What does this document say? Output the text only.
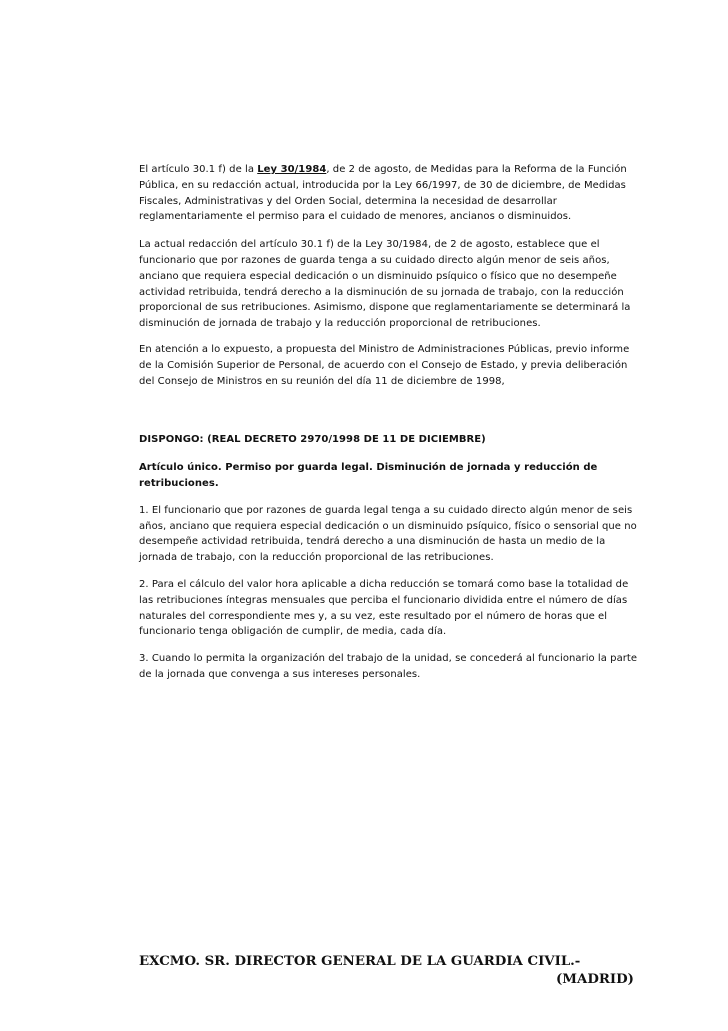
El artículo 30.1 f) de la Ley 30/1984, de 2 de agosto, de Medidas para la Reforma de la Función Pública, en su redacción actual, introducida por la Ley 66/1997, de 30 de diciembre, de Medidas Fiscales, Administrativas y del Orden Social, determina la necesidad de desarrollar reglamentariamente el permiso para el cuidado de menores, ancianos o disminuidos.

La actual redacción del artículo 30.1 f) de la Ley 30/1984, de 2 de agosto, establece que el funcionario que por razones de guarda tenga a su cuidado directo algún menor de seis años, anciano que requiera especial dedicación o un disminuido psíquico o físico que no desempeñe actividad retribuida, tendrá derecho a la disminución de su jornada de trabajo, con la reducción proporcional de sus retribuciones. Asimismo, dispone que reglamentariamente se determinará la disminución de jornada de trabajo y la reducción proporcional de retribuciones.

En atención a lo expuesto, a propuesta del Ministro de Administraciones Públicas, previo informe de la Comisión Superior de Personal, de acuerdo con el Consejo de Estado, y previa deliberación del Consejo de Ministros en su reunión del día 11 de diciembre de 1998,

DISPONGO: (REAL DECRETO 2970/1998 DE 11 DE DICIEMBRE)

Artículo único. Permiso por guarda legal. Disminución de jornada y reducción de retribuciones.

1. El funcionario que por razones de guarda legal tenga a su cuidado directo algún menor de seis años, anciano que requiera especial dedicación o un disminuido psíquico, físico o sensorial que no desempeñe actividad retribuida, tendrá derecho a una disminución de hasta un medio de la jornada de trabajo, con la reducción proporcional de las retribuciones.

2. Para el cálculo del valor hora aplicable a dicha reducción se tomará como base la totalidad de las retribuciones íntegras mensuales que perciba el funcionario dividida entre el número de días naturales del correspondiente mes y, a su vez, este resultado por el número de horas que el funcionario tenga obligación de cumplir, de media, cada día.

3. Cuando lo permita la organización del trabajo de la unidad, se concederá al funcionario la parte de la jornada que convenga a sus intereses personales.

EXCMO. SR. DIRECTOR GENERAL DE LA GUARDIA CIVIL.-

(MADRID)
